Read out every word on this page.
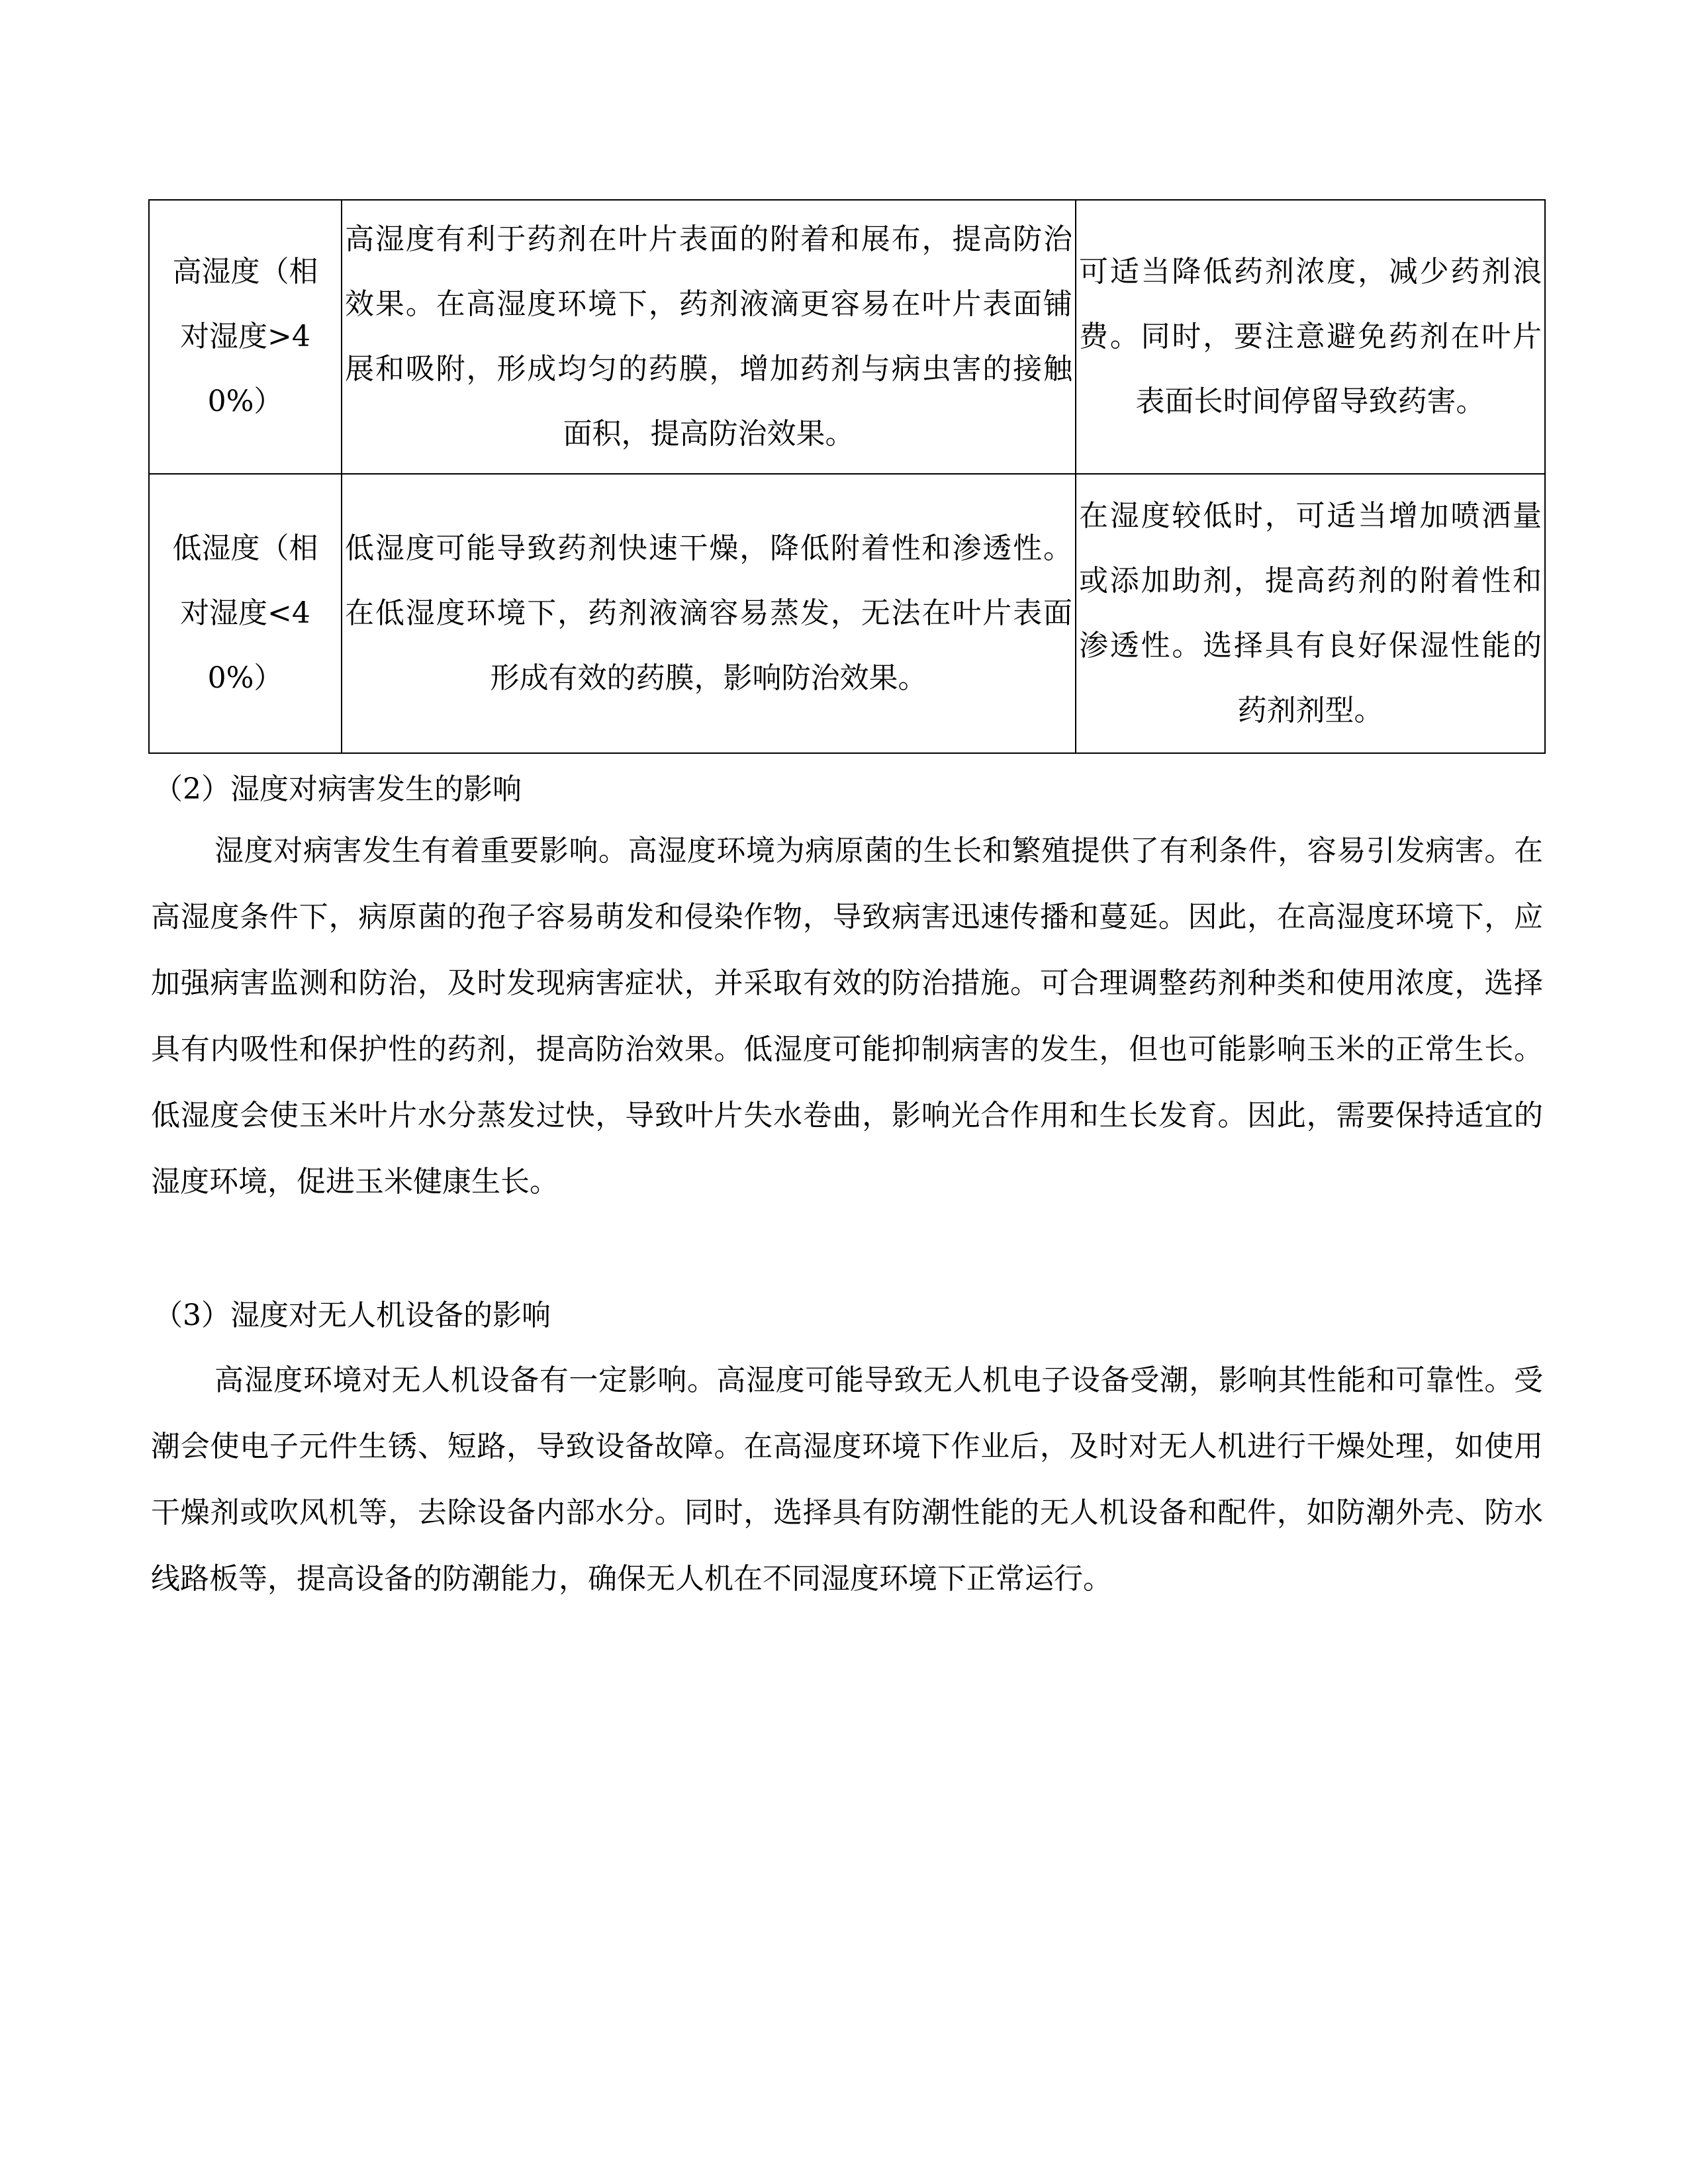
高湿度（相对湿度>40%）	高湿度有利于药剂在叶片表面的附着和展布，提高防治效果。在高湿度环境下，药剂液滴更容易在叶片表面铺展和吸附，形成均匀的药膜，增加药剂与病虫害的接触面积，提高防治效果。	可适当降低药剂浓度，减少药剂浪费。同时，要注意避免药剂在叶片表面长时间停留导致药害。
低湿度（相对湿度<40%）	低湿度可能导致药剂快速干燥，降低附着性和渗透性。在低湿度环境下，药剂液滴容易蒸发，无法在叶片表面形成有效的药膜，影响防治效果。	在湿度较低时，可适当增加喷洒量或添加助剂，提高药剂的附着性和渗透性。选择具有良好保湿性能的药剂剂型。

（2）湿度对病害发生的影响

湿度对病害发生有着重要影响。高湿度环境为病原菌的生长和繁殖提供了有利条件，容易引发病害。在高湿度条件下，病原菌的孢子容易萌发和侵染作物，导致病害迅速传播和蔓延。因此，在高湿度环境下，应加强病害监测和防治，及时发现病害症状，并采取有效的防治措施。可合理调整药剂种类和使用浓度，选择具有内吸性和保护性的药剂，提高防治效果。低湿度可能抑制病害的发生，但也可能影响玉米的正常生长。低湿度会使玉米叶片水分蒸发过快，导致叶片失水卷曲，影响光合作用和生长发育。因此，需要保持适宜的湿度环境，促进玉米健康生长。

（3）湿度对无人机设备的影响

高湿度环境对无人机设备有一定影响。高湿度可能导致无人机电子设备受潮，影响其性能和可靠性。受潮会使电子元件生锈、短路，导致设备故障。在高湿度环境下作业后，及时对无人机进行干燥处理，如使用干燥剂或吹风机等，去除设备内部水分。同时，选择具有防潮性能的无人机设备和配件，如防潮外壳、防水线路板等，提高设备的防潮能力，确保无人机在不同湿度环境下正常运行。
